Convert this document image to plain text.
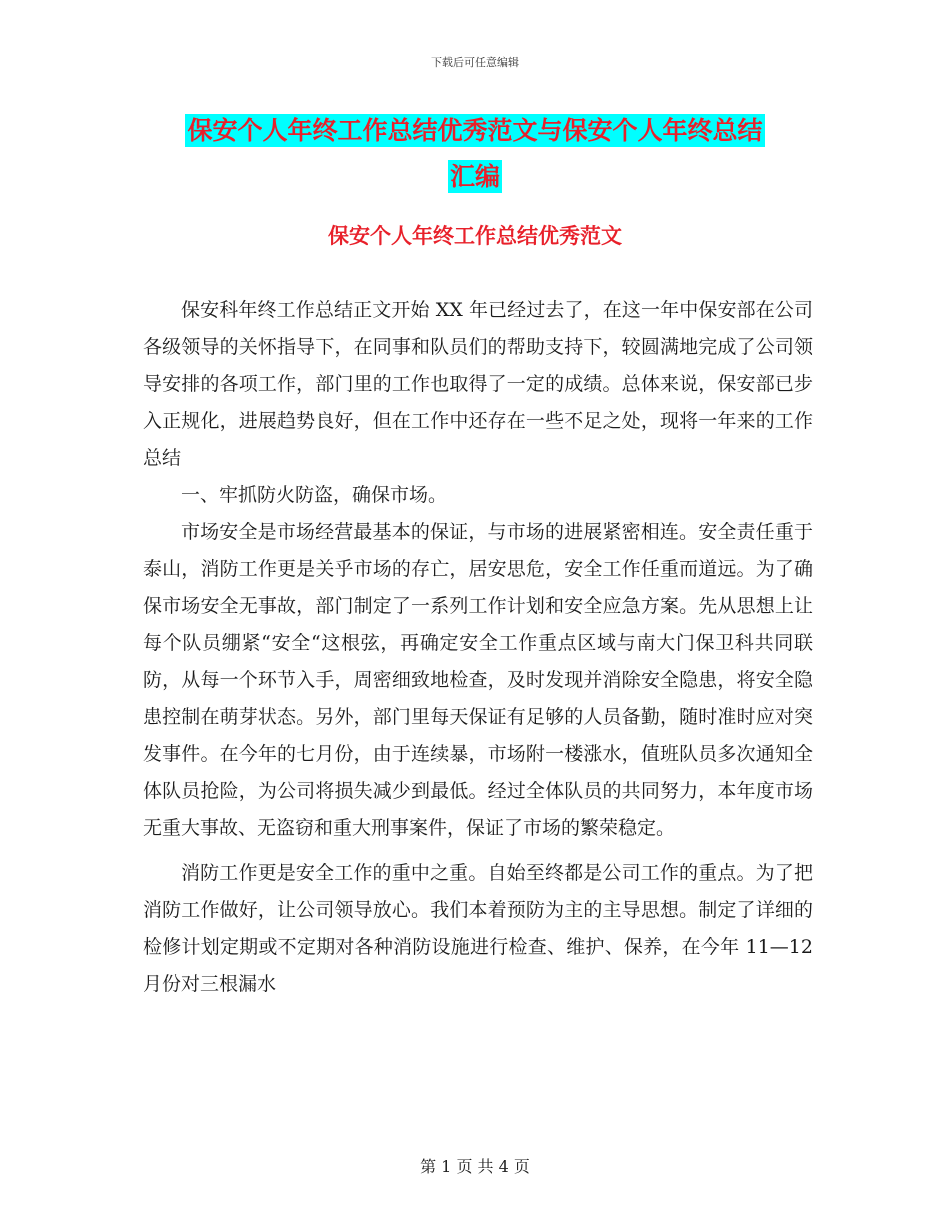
下载后可任意编辑
保安个人年终工作总结优秀范文与保安个人年终总结
汇编
保安个人年终工作总结优秀范文

保安科年终工作总结正文开始 XX 年已经过去了，在这一年中保安部在公司各级领导的关怀指导下，在同事和队员们的帮助支持下，较圆满地完成了公司领导安排的各项工作，部门里的工作也取得了一定的成绩。总体来说，保安部已步入正规化，进展趋势良好，但在工作中还存在一些不足之处，现将一年来的工作总结

一、牢抓防火防盗，确保市场。

市场安全是市场经营最基本的保证，与市场的进展紧密相连。安全责任重于泰山，消防工作更是关乎市场的存亡，居安思危，安全工作任重而道远。为了确保市场安全无事故，部门制定了一系列工作计划和安全应急方案。先从思想上让每个队员绷紧“安全“这根弦，再确定安全工作重点区域与南大门保卫科共同联防，从每一个环节入手，周密细致地检查，及时发现并消除安全隐患，将安全隐患控制在萌芽状态。另外，部门里每天保证有足够的人员备勤，随时准时应对突发事件。在今年的七月份，由于连续暴，市场附一楼涨水，值班队员多次通知全体队员抢险，为公司将损失减少到最低。经过全体队员的共同努力，本年度市场无重大事故、无盗窃和重大刑事案件，保证了市场的繁荣稳定。

消防工作更是安全工作的重中之重。自始至终都是公司工作的重点。为了把消防工作做好，让公司领导放心。我们本着预防为主的主导思想。制定了详细的检修计划定期或不定期对各种消防设施进行检查、维护、保养，在今年 11—12 月份对三根漏水

第 1 页 共 4 页
